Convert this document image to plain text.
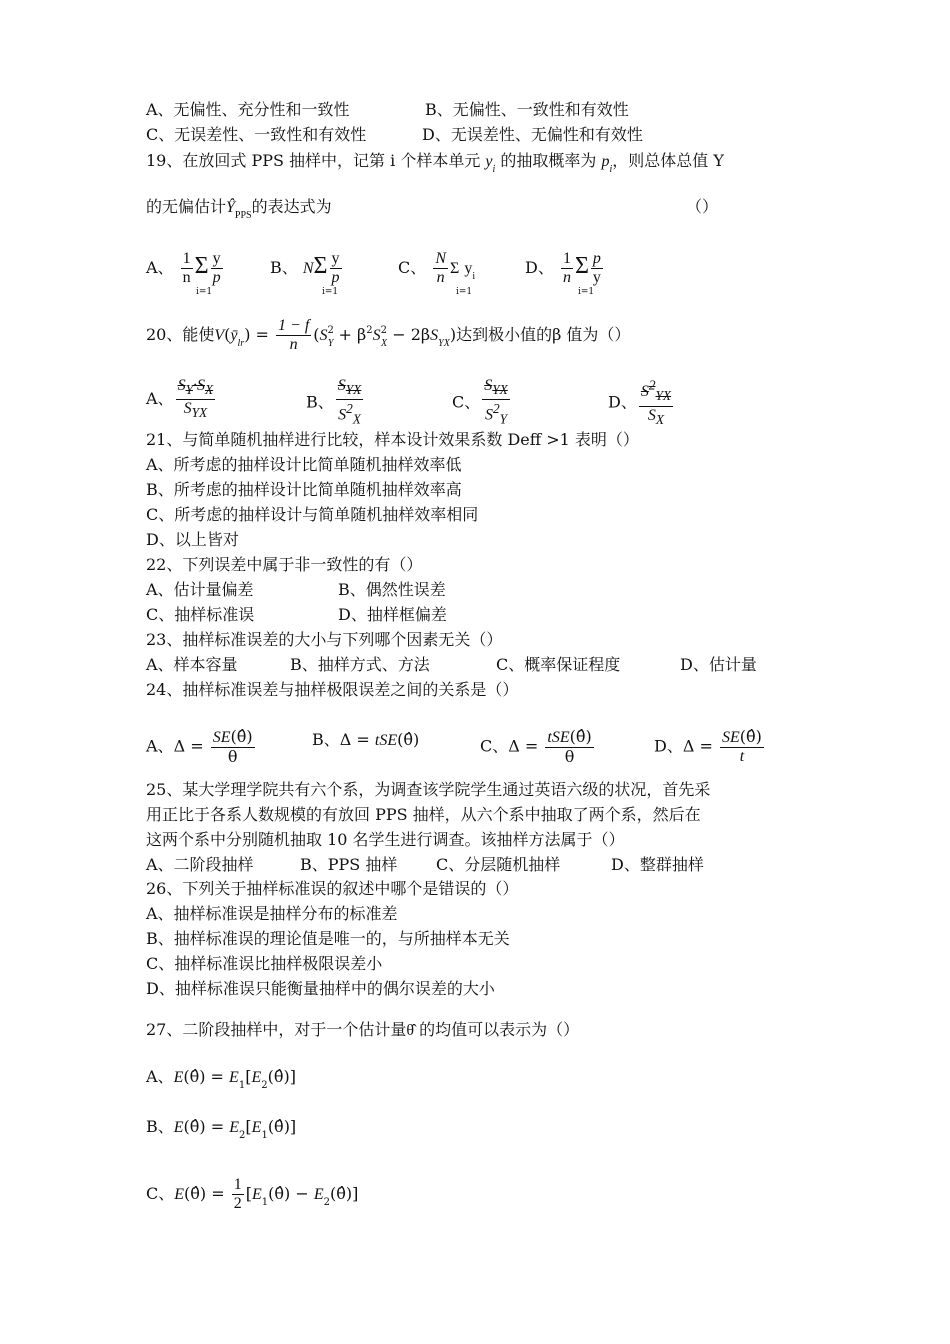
A、无偏性、充分性和一致性	B、无偏性、一致性和有效性
C、无误差性、一致性和有效性	D、无误差性、无偏性和有效性
19、在放回式 PPS 抽样中，记第 i 个样本单元 $y_i$ 的抽取概率为 $p_i$，则总体总值 Y
的无偏估计$Ŷ_{PPS}$的表达式为	（）
A、 $\frac{1}{n}$ Σ $\frac{y}{p}$
i=1
B、 NΣ $\frac{y}{p}$
i=1
C、 $\frac{N}{n}$ Σ $y_i$
i=1
D、 $\frac{1}{n}$ Σ $\frac{p}{y}$
i=1
20、能使$V(ȳ_{lr}) = \frac{1 - f}{n} (S^2_Y + \beta^2S^2_X - 2\beta S_{YX})$达到极小值的β 值为（）
A、 $\frac{S_Y\cdot S_X}{S_{YX}}$	B、 $\frac{S_{YX}}{S^2_X}$	C、 $\frac{S_{YX}}{S^2_Y}$	D、 $\frac{S^2_{YX}}{S_X}$
21、与简单随机抽样进行比较，样本设计效果系数 Deff >1 表明（）
A、所考虑的抽样设计比简单随机抽样效率低
B、所考虑的抽样设计比简单随机抽样效率高
C、所考虑的抽样设计与简单随机抽样效率相同
D、以上皆对
22、下列误差中属于非一致性的有（）
A、估计量偏差	B、偶然性误差
C、抽样标准误	D、抽样框偏差
23、抽样标准误差的大小与下列哪个因素无关（）
A、样本容量	B、抽样方式、方法	C、概率保证程度	D、估计量
24、抽样标准误差与抽样极限误差之间的关系是（）
A、$\Delta = \frac{SE(\thetâ)}{\theta}$	B、Δ = tSE(θ̂)	C、$\Delta = \frac{\text{tSE(θ̂)}}{\theta}$	D、$\Delta = \frac{SE(\thetâ)}{t}$
25、某大学理学院共有六个系，为调查该学院学生通过英语六级的状况，首先采
用正比于各系人数规模的有放回 PPS 抽样，从六个系中抽取了两个系，然后在
这两个系中分别随机抽取 10 名学生进行调查。该抽样方法属于（）
A、二阶段抽样	B、PPS 抽样 C、分层随机抽样	D、整群抽样
26、下列关于抽样标准误的叙述中哪个是错误的（）
A、抽样标准误是抽样分布的标准差
B、抽样标准误的理论值是唯一的，与所抽样本无关
C、抽样标准误比抽样极限误差小
D、抽样标准误只能衡量抽样中的偶尔误差的大小
27、二阶段抽样中，对于一个估计量θ̂ 的均值可以表示为（）
A、E(θ̂) = $E_1[E_2(\thetâ)]$
B、E(θ̂) = $E_2[E_1(\thetâ)]$
C、E(θ̂) = $\frac{1}{2}$ [$E_1(\thetâ)$ − $E_2(\thetâ)$]
